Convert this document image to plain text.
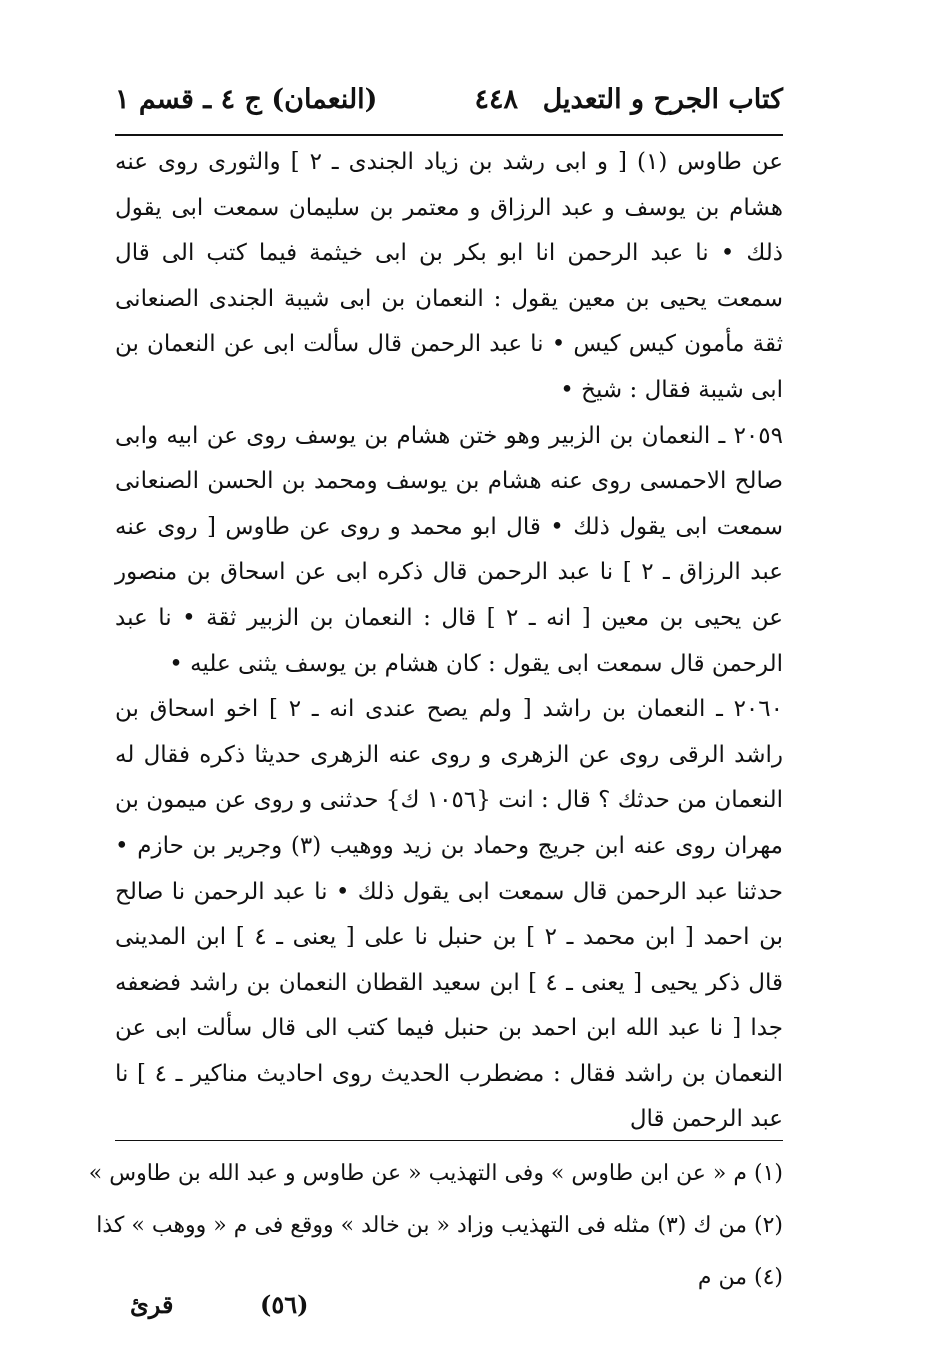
كتاب الجرح و التعديل
٤٤٨
(النعمان) ج ٤ ـ قسم ١

عن طاوس (١) [ و ابى رشد بن زياد الجندى ـ ٢ ] والثورى روى عنه هشام بن يوسف و عبد الرزاق و معتمر بن سليمان سمعت ابى يقول ذلك • نا عبد الرحمن انا ابو بكر بن ابى خيثمة فيما كتب الى قال سمعت يحيى بن معين يقول : النعمان بن ابى شيبة الجندى الصنعانى ثقة مأمون كيس كيس • نا عبد الرحمن قال سألت ابى عن النعمان بن ابى شيبة فقال : شيخ •

٢٠٥٩ ـ النعمان بن الزبير وهو ختن هشام بن يوسف روى عن ابيه وابى صالح الاحمسى روى عنه هشام بن يوسف ومحمد بن الحسن الصنعانى سمعت ابى يقول ذلك • قال ابو محمد و روى عن طاوس [ روى عنه عبد الرزاق ـ ٢ ] نا عبد الرحمن قال ذكره ابى عن اسحاق بن منصور عن يحيى بن معين [ انه ـ ٢ ] قال : النعمان بن الزبير ثقة • نا عبد الرحمن قال سمعت ابى يقول : كان هشام بن يوسف يثنى عليه •

٢٠٦٠ ـ النعمان بن راشد [ ولم يصح عندى انه ـ ٢ ] اخو اسحاق بن راشد الرقى روى عن الزهرى و روى عنه الزهرى حديثا ذكره فقال له النعمان من حدثك ؟ قال : انت {١٠٥٦ ك} حدثنى و روى عن ميمون بن مهران روى عنه ابن جريج وحماد بن زيد ووهيب (٣) وجرير بن حازم • حدثنا عبد الرحمن قال سمعت ابى يقول ذلك • نا عبد الرحمن نا صالح بن احمد [ ابن محمد ـ ٢ ] بن حنبل نا على [ يعنى ـ ٤ ] ابن المدينى قال ذكر يحيى [ يعنى ـ ٤ ] ابن سعيد القطان النعمان بن راشد فضعفه جدا [ نا عبد الله ابن احمد بن حنبل فيما كتب الى قال سألت ابى عن النعمان بن راشد فقال : مضطرب الحديث روى احاديث مناكير ـ ٤ ] نا عبد الرحمن قال

(١) م « عن ابن طاوس » وفى التهذيب « عن طاوس و عبد الله بن طاوس »
(٢) من ك (٣) مثله فى التهذيب وزاد « بن خالد » ووقع فى م « ووهب » كذا
(٤) من م
(٥٦)
قرئ
